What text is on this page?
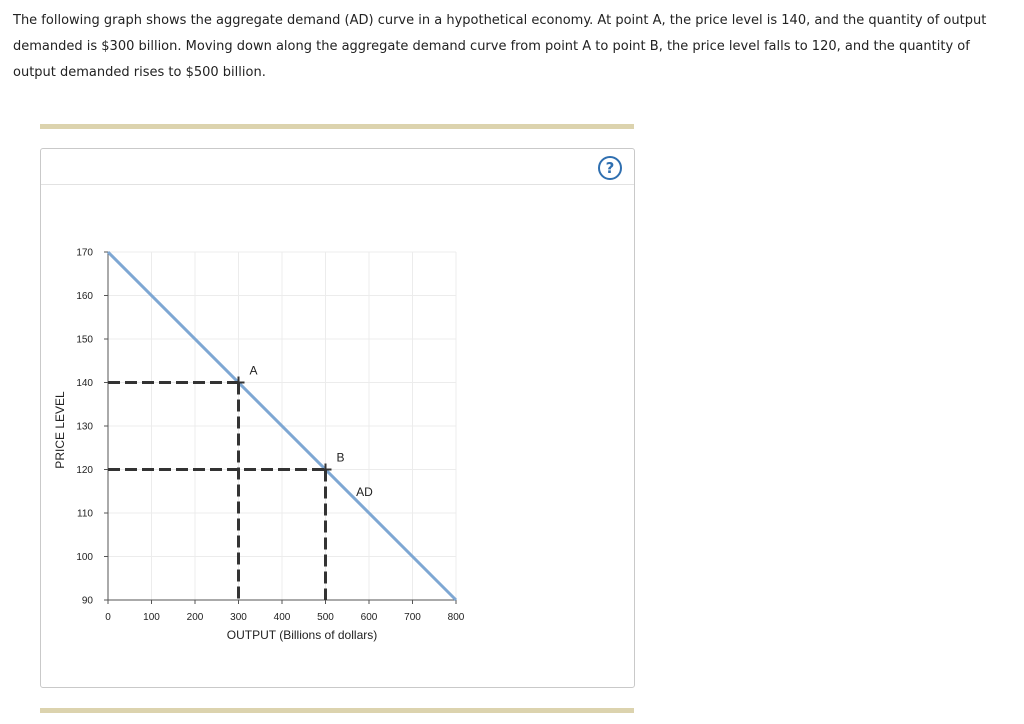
The following graph shows the aggregate demand (AD) curve in a hypothetical economy. At point A, the price level is 140, and the quantity of output demanded is $300 billion. Moving down along the aggregate demand curve from point A to point B, the price level falls to 120, and the quantity of output demanded rises to $500 billion.
?
90
100
110
120
130
140
150
160
170
0	100	200	300	400	500	600	700	800
OUTPUT (Billions of dollars)
PRICE LEVEL
AD
A
B
